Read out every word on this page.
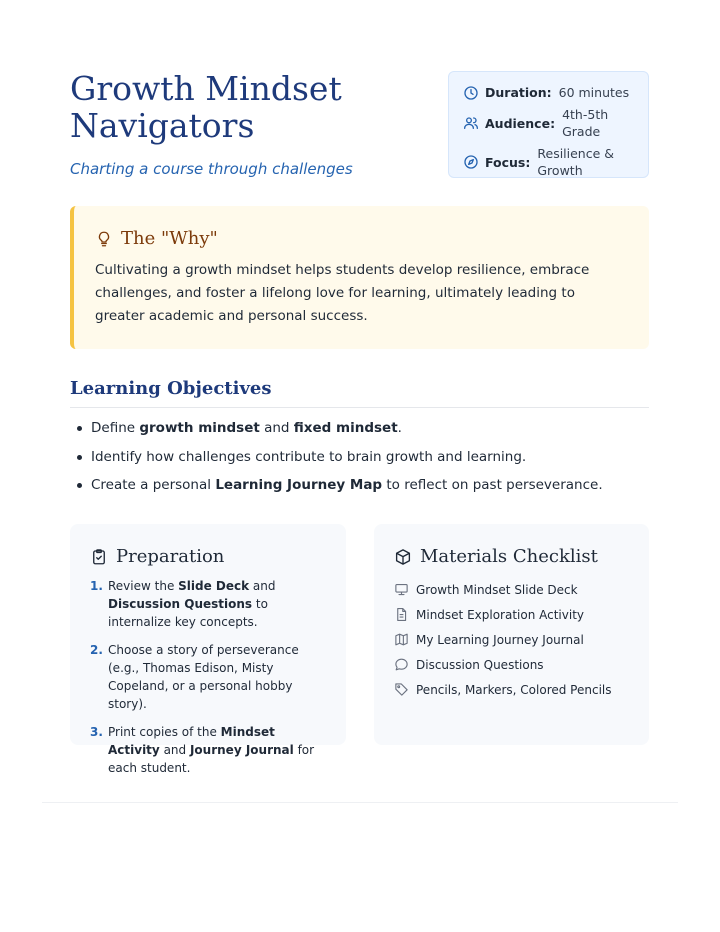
Growth Mindset Navigators
Charting a course through challenges
Duration: 60 minutes
Audience:
4th-5th Grade
Focus:
Resilience & Growth
The "Why"

Cultivating a growth mindset helps students develop resilience, embrace challenges, and foster a lifelong love for learning, ultimately leading to greater academic and personal success.

Learning Objectives
Define growth mindset and fixed mindset.
Identify how challenges contribute to brain growth and learning.
Create a personal Learning Journey Map to reflect on past perseverance.
Preparation
1. Review the Slide Deck and Discussion Questions to internalize key concepts.
2. Choose a story of perseverance (e.g., Thomas Edison, Misty Copeland, or a personal hobby story).
3. Print copies of the Mindset Activity and Journey Journal for each student.
Materials Checklist
Growth Mindset Slide Deck
Mindset Exploration Activity
My Learning Journey Journal
Discussion Questions
Pencils, Markers, Colored Pencils
